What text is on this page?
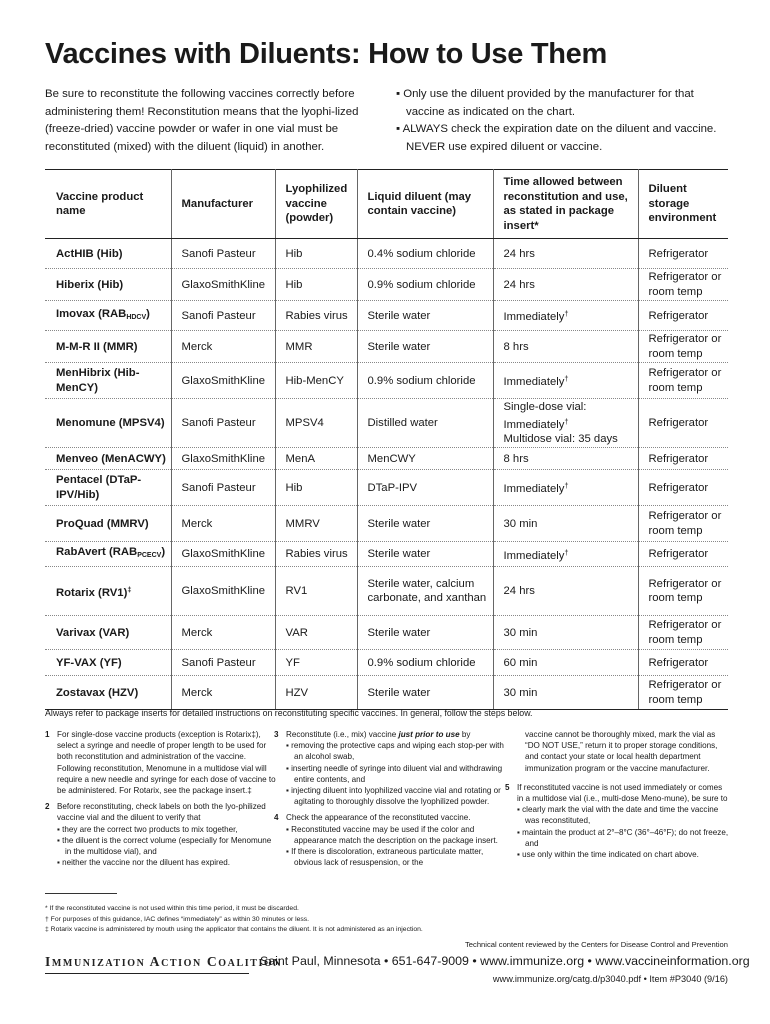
Vaccines with Diluents: How to Use Them
Be sure to reconstitute the following vaccines correctly before administering them! Reconstitution means that the lyophi-lized (freeze-dried) vaccine powder or wafer in one vial must be reconstituted (mixed) with the diluent (liquid) in another.
▪ Only use the diluent provided by the manufacturer for that vaccine as indicated on the chart.
▪ ALWAYS check the expiration date on the diluent and vaccine. NEVER use expired diluent or vaccine.
Vaccine product name	Manufacturer	Lyophilized vaccine (powder)	Liquid diluent (may contain vaccine)	Time allowed between reconstitution and use, as stated in package insert*	Diluent storage environment
ActHIB (Hib)	Sanofi Pasteur	Hib	0.4% sodium chloride	24 hrs	Refrigerator
Hiberix (Hib)	GlaxoSmithKline	Hib	0.9% sodium chloride	24 hrs	Refrigerator or room temp
Imovax $(RAB_{HDCV})$	Sanofi Pasteur	Rabies virus	Sterile water	Immediately†	Refrigerator
M-M-R II (MMR)	Merck	MMR	Sterile water	8 hrs	Refrigerator or room temp
MenHibrix (Hib-MenCY)	GlaxoSmithKline	Hib-MenCY	0.9% sodium chloride	Immediately†	Refrigerator or room temp
Menomune (MPSV4)	Sanofi Pasteur	MPSV4	Distilled water	Single-dose vial:
Immediately†
Multidose vial: 35 days	Refrigerator
Menveo (MenACWY)	GlaxoSmithKline	MenA	MenCWY	8 hrs	Refrigerator
Pentacel (DTaP-IPV/Hib)	Sanofi Pasteur	Hib	DTaP-IPV	Immediately†	Refrigerator
ProQuad (MMRV)	Merck	MMRV	Sterile water	30 min	Refrigerator or room temp
RabAvert $(RAB_{PCECV})$	GlaxoSmithKline	Rabies virus	Sterile water	Immediately†	Refrigerator
Rotarix (RV1)‡	GlaxoSmithKline	RV1	Sterile water, calcium carbonate, and xanthan	24 hrs	Refrigerator or room temp
Varivax (VAR)	Merck	VAR	Sterile water	30 min	Refrigerator or room temp
YF-VAX (YF)	Sanofi Pasteur	YF	0.9% sodium chloride	60 min	Refrigerator
Zostavax (HZV)	Merck	HZV	Sterile water	30 min	Refrigerator or room temp
Always refer to package inserts for detailed instructions on reconstituting specific vaccines. In general, follow the steps below.
1 For single-dose vaccine products (exception is Rotarix‡), select a syringe and needle of proper length to be used for both reconstitution and administration of the vaccine. Following reconstitution, Menomune in a multidose vial will require a new needle and syringe for each dose of vaccine to be administered. For Rotarix, see the package insert.‡
2 Before reconstituting, check labels on both the lyo-philized vaccine vial and the diluent to verify that
▪ they are the correct two products to mix together,
▪ the diluent is the correct volume (especially for Menomune in the multidose vial), and
▪ neither the vaccine nor the diluent has expired.
3 Reconstitute (i.e., mix) vaccine just prior to use by
▪ removing the protective caps and wiping each stop-per with an alcohol swab,
▪ inserting needle of syringe into diluent vial and withdrawing entire contents, and
▪ injecting diluent into lyophilized vaccine vial and rotating or agitating to thoroughly dissolve the lyophilized powder.
4 Check the appearance of the reconstituted vaccine.
▪ Reconstituted vaccine may be used if the color and appearance match the description on the package insert.
▪ If there is discoloration, extraneous particulate matter, obvious lack of resuspension, or the
vaccine cannot be thoroughly mixed, mark the vial as “DO NOT USE,” return it to proper storage conditions, and contact your state or local health department immunization program or the vaccine manufacturer.
5 If reconstituted vaccine is not used immediately or comes in a multidose vial (i.e., multi-dose Meno-mune), be sure to
▪ clearly mark the vial with the date and time the vaccine was reconstituted,
▪ maintain the product at 2°–8°C (36°–46°F); do not freeze, and
▪ use only within the time indicated on chart above.
* If the reconstituted vaccine is not used within this time period, it must be discarded.
† For purposes of this guidance, IAC defines “immediately” as within 30 minutes or less.
‡ Rotarix vaccine is administered by mouth using the applicator that contains the diluent. It is not administered as an injection.
Technical content reviewed by the Centers for Disease Control and Prevention
Immunization Action Coalition
Saint Paul, Minnesota • 651-647-9009 • www.immunize.org • www.vaccineinformation.org
www.immunize.org/catg.d/p3040.pdf • Item #P3040 (9/16)
